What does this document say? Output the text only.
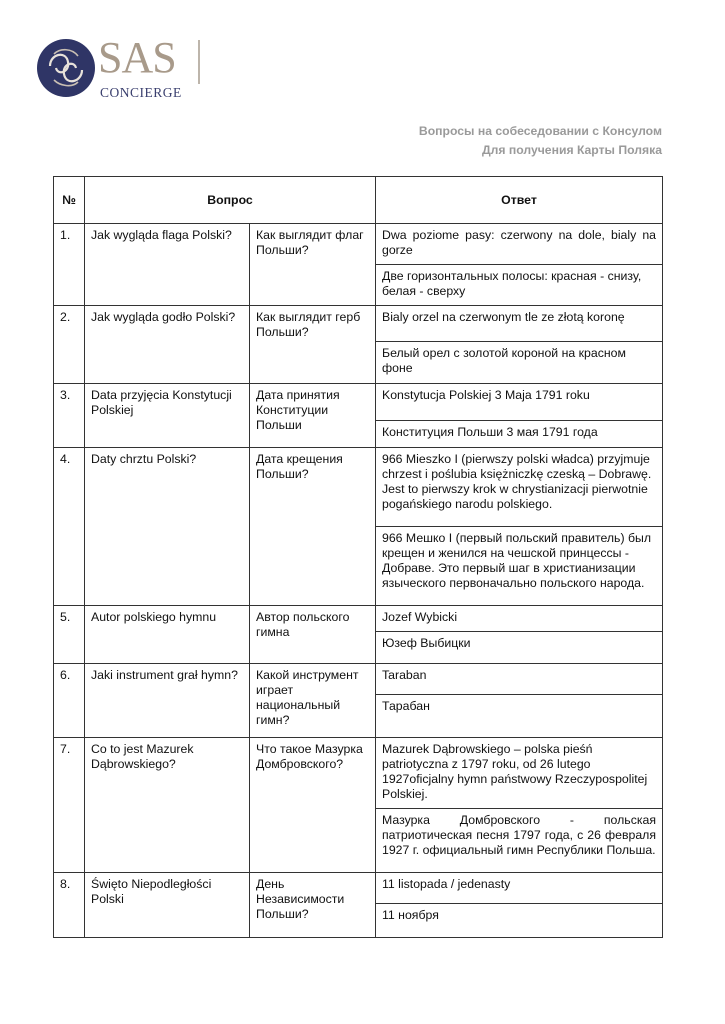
SAS
CONCIERGE
Вопросы на собеседовании с Консулом
Для получения Карты Поляка
№	Вопрос		Ответ
1.	Jak wygląda flaga Polski?	Как выглядит флаг Польши?	Dwa poziome pasy: czerwony na dole, bialy na gorze
Две горизонтальных полосы: красная - снизу, белая - сверху

2.	Jak wygląda godło Polski?	Как выглядит герб Польши?	Bialy orzel na czerwonym tle ze złotą koronę
Белый орел с золотой короной на красном фоне

3.	Data przyjęcia Konstytucji Polskiej	Дата принятия Конституции Польши	Konstytucja Polskiej 3 Maja 1791 roku
Конституция Польши 3 мая 1791 года

4.	Daty chrztu Polski?	Дата крещения Польши?	966 Mieszko I (pierwszy polski władca) przyjmuje chrzest i poślubia księżniczkę czeską – Dobrawę. Jest to pierwszy krok w chrystianizacji pierwotnie pogańskiego narodu polskiego.
966 Мешко I (первый польский правитель) был крещен и женился на чешской принцессы - Добраве. Это первый шаг в христианизации языческого первоначально польского народа.

5.	Autor polskiego hymnu	Автор польского гимна	Jozef Wybicki
Юзеф Выбицки

6.	Jaki instrument grał hymn?	Какой инструмент играет национальный гимн?	Taraban
Тарабан

7.	Co to jest Mazurek Dąbrowskiego?	Что такое Мазурка Домбровского?	Mazurek Dąbrowskiego – polska pieśń patriotyczna z 1797 roku, od 26 lutego 1927oficjalny hymn państwowy Rzeczypospolitej Polskiej.
Мазурка Домбровского - польская патриотическая песня 1797 года, с 26 февраля 1927 г. официальный гимн Республики Польша.

8.	Święto Niepodległości Polski	День Независимости Польши?	11 listopada / jedenasty
11 ноября
